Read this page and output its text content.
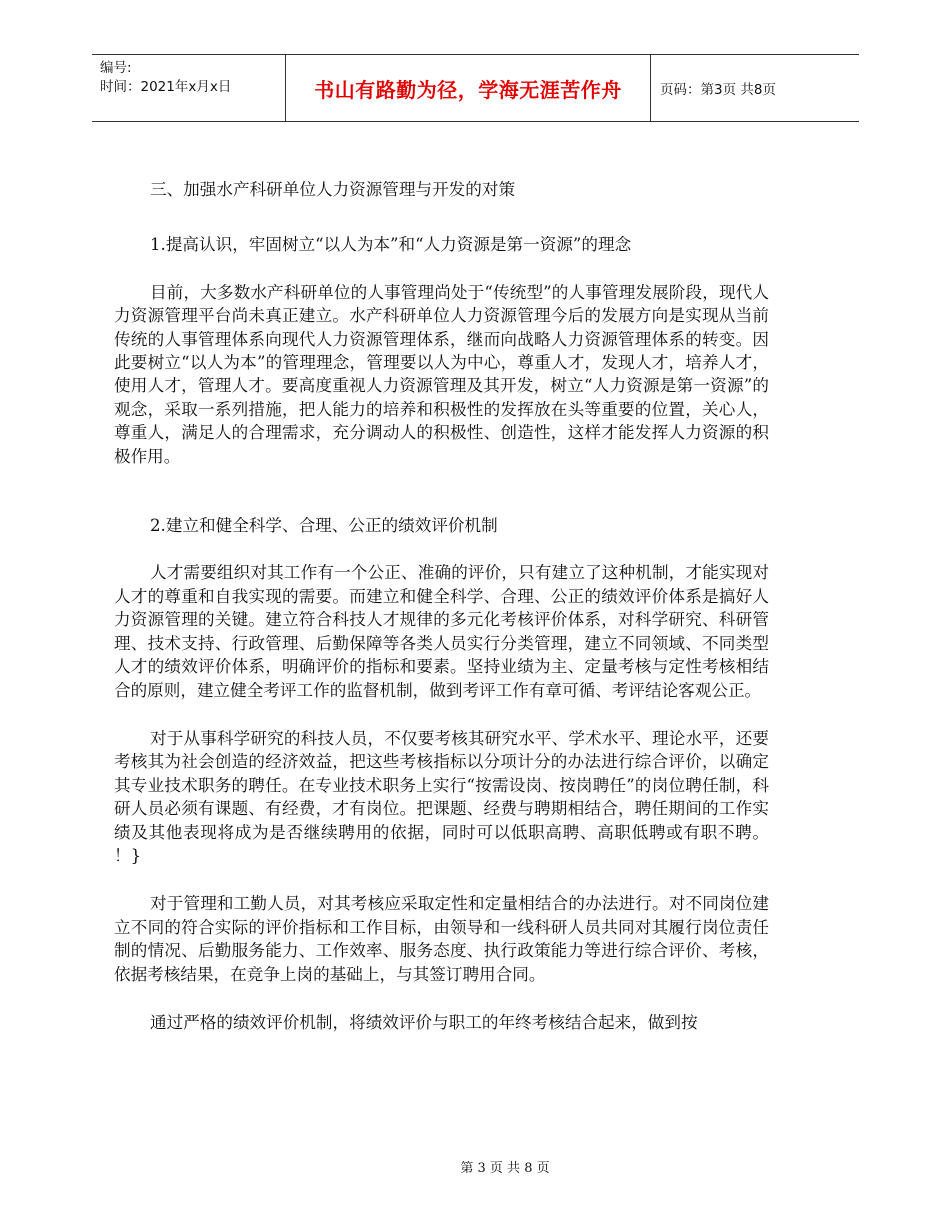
编号:
时间：2021年x月x日	书山有路勤为径，学海无涯苦作舟	页码：第3页 共8页

三、加强水产科研单位人力资源管理与开发的对策

1.提高认识，牢固树立“以人为本”和“人力资源是第一资源”的理念

目前，大多数水产科研单位的人事管理尚处于“传统型”的人事管理发展阶段，现代人力资源管理平台尚未真正建立。水产科研单位人力资源管理今后的发展方向是实现从当前传统的人事管理体系向现代人力资源管理体系，继而向战略人力资源管理体系的转变。因此要树立“以人为本”的管理理念，管理要以人为中心，尊重人才，发现人才，培养人才，使用人才，管理人才。要高度重视人力资源管理及其开发，树立“人力资源是第一资源”的观念，采取一系列措施，把人能力的培养和积极性的发挥放在头等重要的位置，关心人，尊重人，满足人的合理需求，充分调动人的积极性、创造性，这样才能发挥人力资源的积极作用。

2.建立和健全科学、合理、公正的绩效评价机制

人才需要组织对其工作有一个公正、准确的评价，只有建立了这种机制，才能实现对人才的尊重和自我实现的需要。而建立和健全科学、合理、公正的绩效评价体系是搞好人力资源管理的关键。建立符合科技人才规律的多元化考核评价体系，对科学研究、科研管理、技术支持、行政管理、后勤保障等各类人员实行分类管理，建立不同领域、不同类型人才的绩效评价体系，明确评价的指标和要素。坚持业绩为主、定量考核与定性考核相结合的原则，建立健全考评工作的监督机制，做到考评工作有章可循、考评结论客观公正。

对于从事科学研究的科技人员，不仅要考核其研究水平、学术水平、理论水平，还要考核其为社会创造的经济效益，把这些考核指标以分项计分的办法进行综合评价，以确定其专业技术职务的聘任。在专业技术职务上实行“按需设岗、按岗聘任”的岗位聘任制，科研人员必须有课题、有经费，才有岗位。把课题、经费与聘期相结合，聘任期间的工作实绩及其他表现将成为是否继续聘用的依据，同时可以低职高聘、高职低聘或有职不聘。 ！}

对于管理和工勤人员，对其考核应采取定性和定量相结合的办法进行。对不同岗位建立不同的符合实际的评价指标和工作目标，由领导和一线科研人员共同对其履行岗位责任制的情况、后勤服务能力、工作效率、服务态度、执行政策能力等进行综合评价、考核，依据考核结果，在竞争上岗的基础上，与其签订聘用合同。

通过严格的绩效评价机制，将绩效评价与职工的年终考核结合起来，做到按

第 3 页 共 8 页
